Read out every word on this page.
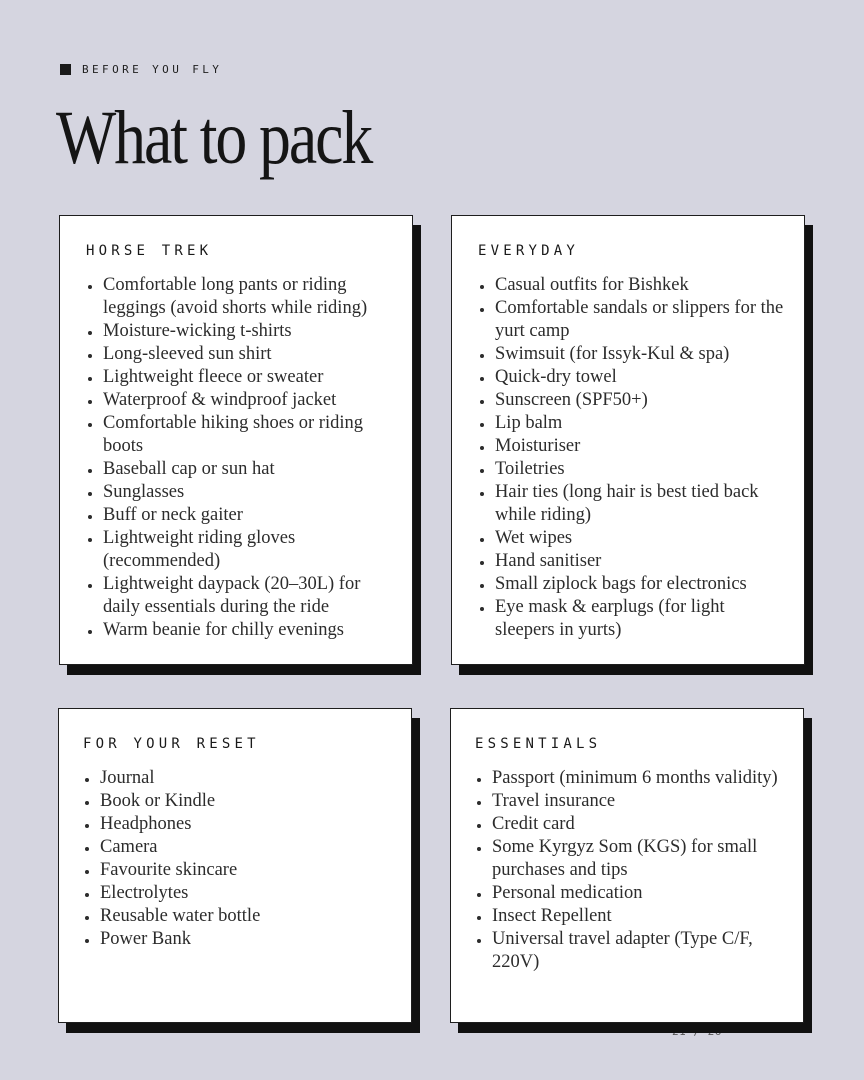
BEFORE YOU FLY
What to pack
HORSE TREK
Comfortable long pants or riding leggings (avoid shorts while riding)
Moisture-wicking t-shirts
Long-sleeved sun shirt
Lightweight fleece or sweater
Waterproof & windproof jacket
Comfortable hiking shoes or riding boots
Baseball cap or sun hat
Sunglasses
Buff or neck gaiter
Lightweight riding gloves (recommended)
Lightweight daypack (20–30L) for daily essentials during the ride
Warm beanie for chilly evenings
EVERYDAY
Casual outfits for Bishkek
Comfortable sandals or slippers for the yurt camp
Swimsuit (for Issyk-Kul & spa)
Quick-dry towel
Sunscreen (SPF50+)
Lip balm
Moisturiser
Toiletries
Hair ties (long hair is best tied back while riding)
Wet wipes
Hand sanitiser
Small ziplock bags for electronics
Eye mask & earplugs (for light sleepers in yurts)
FOR YOUR RESET
Journal
Book or Kindle
Headphones
Camera
Favourite skincare
Electrolytes
Reusable water bottle
Power Bank
ESSENTIALS
Passport (minimum 6 months validity)
Travel insurance
Credit card
Some Kyrgyz Som (KGS) for small purchases and tips
Personal medication
Insect Repellent
Universal travel adapter (Type C/F, 220V)
21 / 26
